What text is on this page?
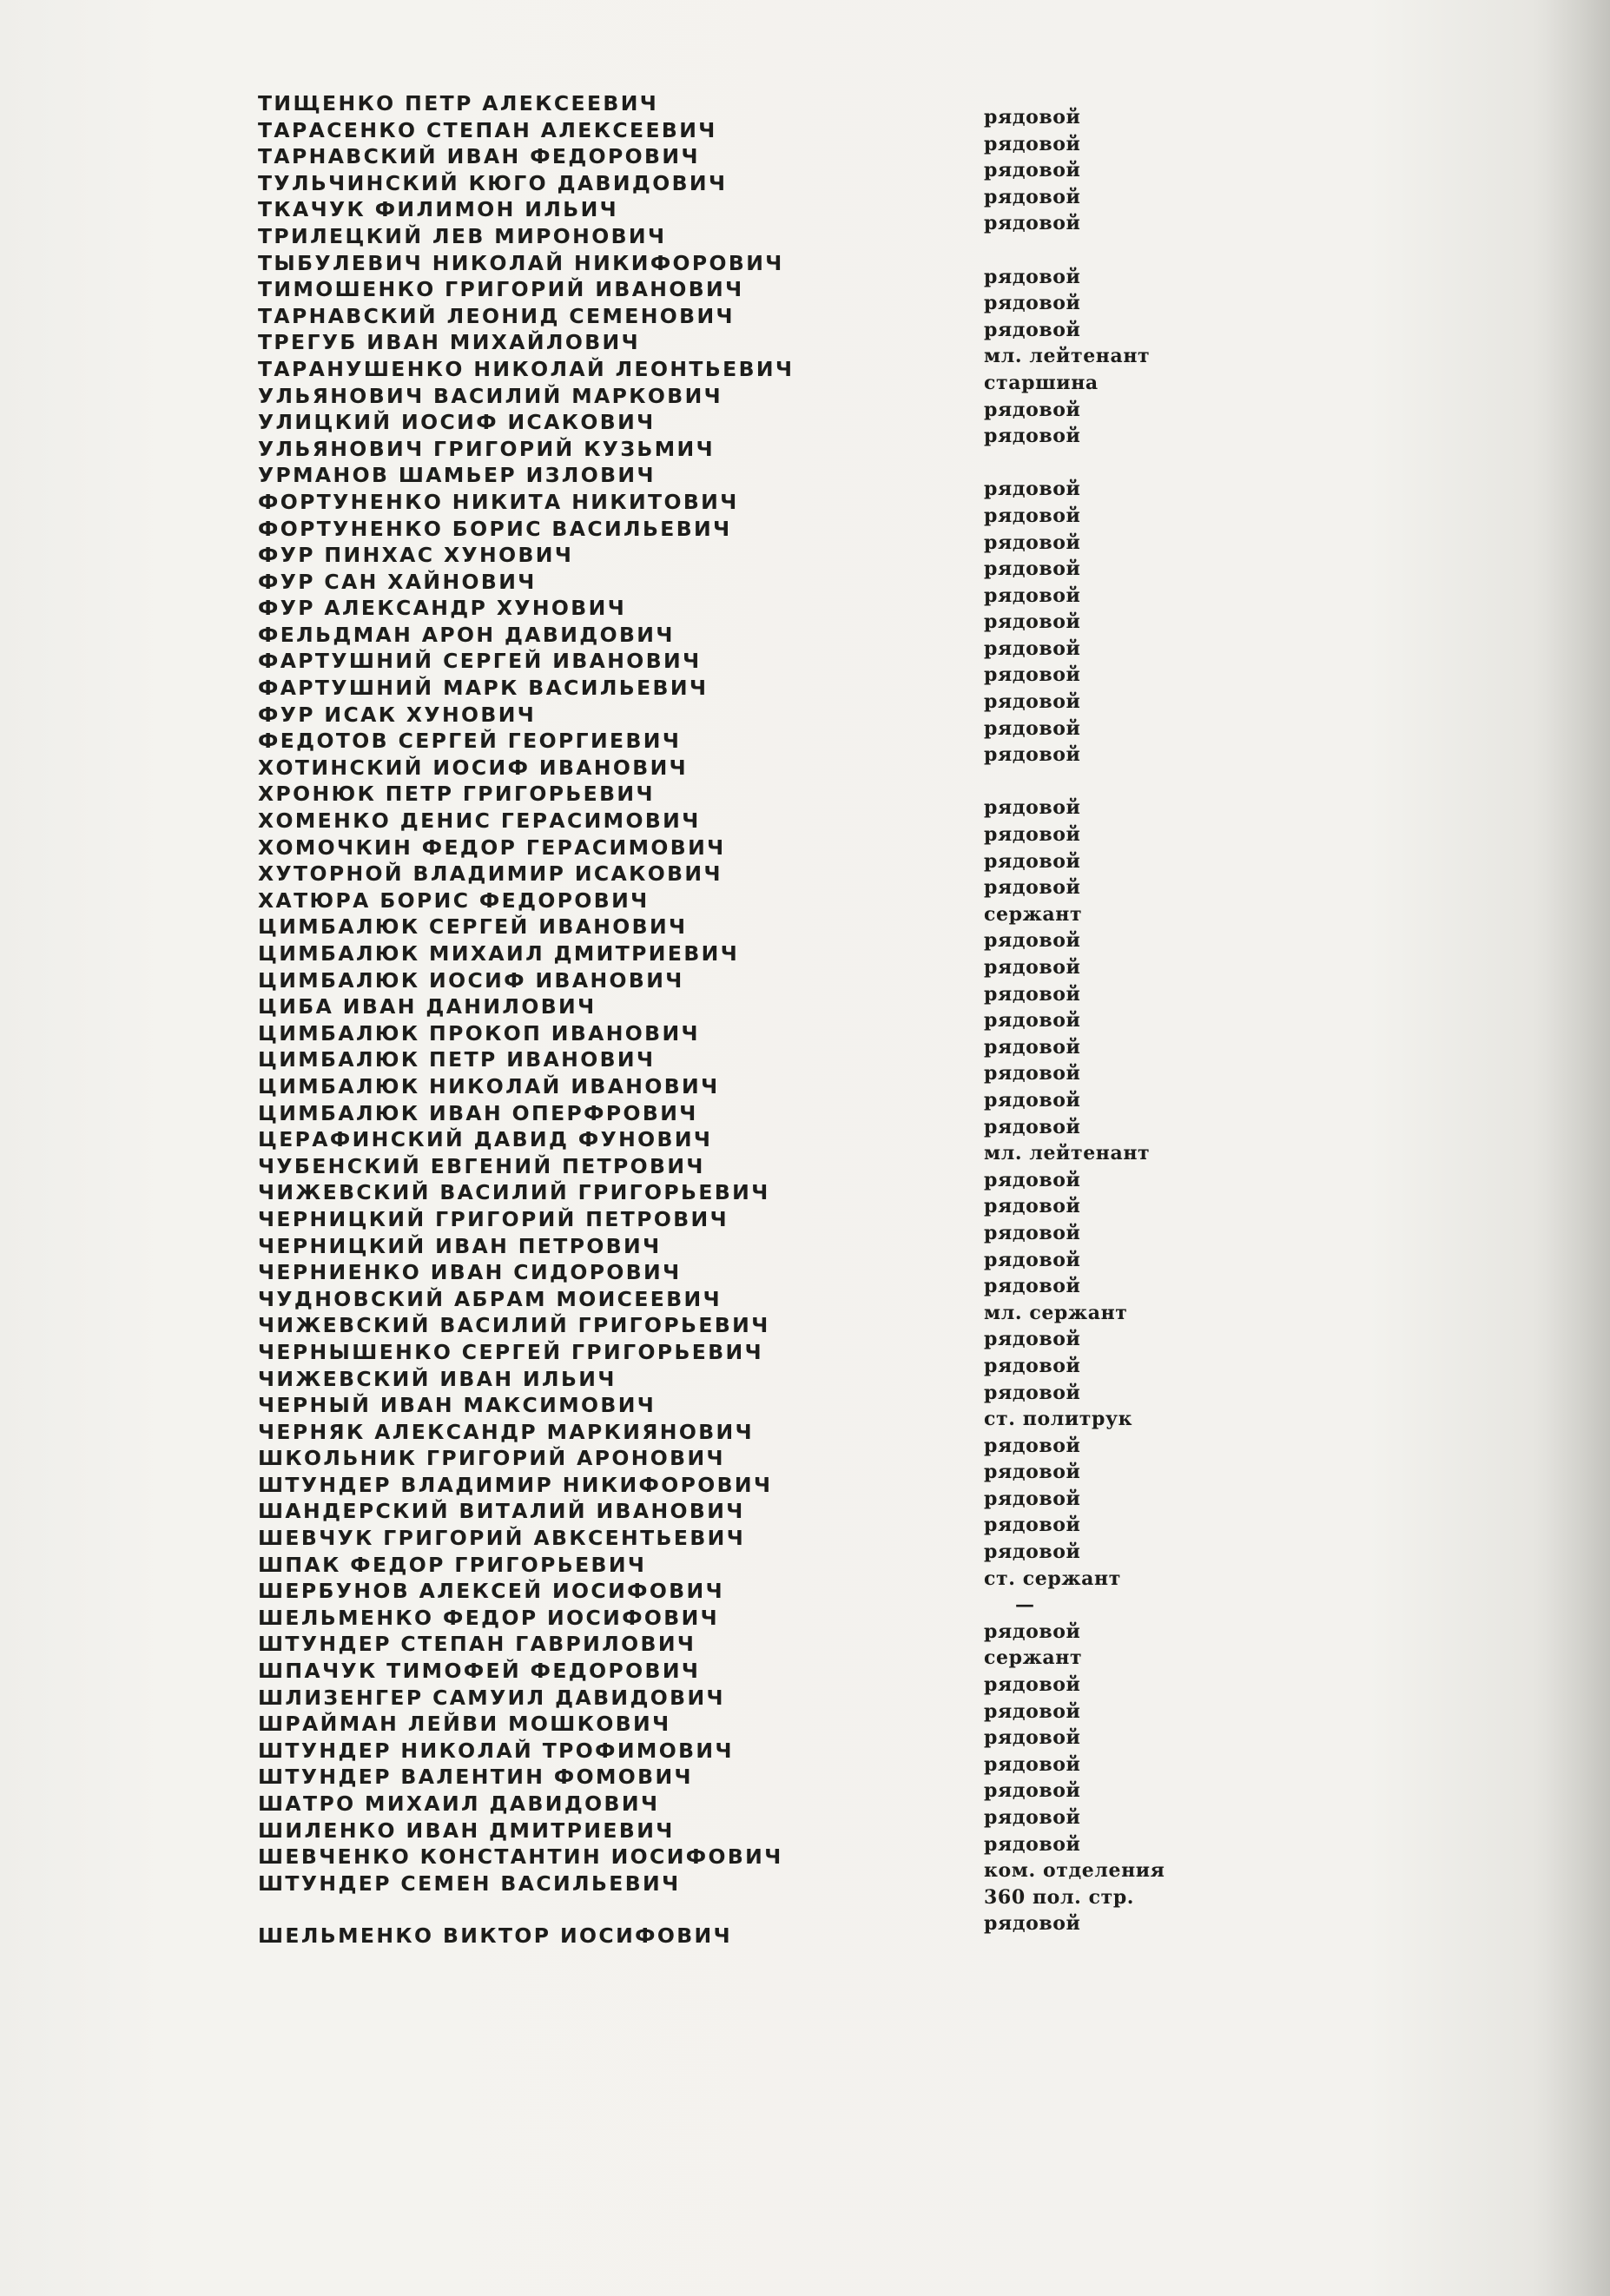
ТИЩЕНКО ПЕТР АЛЕКСЕЕВИЧ
ТАРАСЕНКО СТЕПАН АЛЕКСЕЕВИЧ
ТАРНАВСКИЙ ИВАН ФЕДОРОВИЧ
ТУЛЬЧИНСКИЙ КЮГО ДАВИДОВИЧ
ТКАЧУК ФИЛИМОН ИЛЬИЧ
ТРИЛЕЦКИЙ ЛЕВ МИРОНОВИЧ
ТЫБУЛЕВИЧ НИКОЛАЙ НИКИФОРОВИЧ
ТИМОШЕНКО ГРИГОРИЙ ИВАНОВИЧ
ТАРНАВСКИЙ ЛЕОНИД СЕМЕНОВИЧ
ТРЕГУБ ИВАН МИХАЙЛОВИЧ
ТАРАНУШЕНКО НИКОЛАЙ ЛЕОНТЬЕВИЧ
УЛЬЯНОВИЧ ВАСИЛИЙ МАРКОВИЧ
УЛИЦКИЙ ИОСИФ ИСАКОВИЧ
УЛЬЯНОВИЧ ГРИГОРИЙ КУЗЬМИЧ
УРМАНОВ ШАМЬЕР ИЗЛОВИЧ
ФОРТУНЕНКО НИКИТА НИКИТОВИЧ
ФОРТУНЕНКО БОРИС ВАСИЛЬЕВИЧ
ФУР ПИНХАС ХУНОВИЧ
ФУР САН ХАЙНОВИЧ
ФУР АЛЕКСАНДР ХУНОВИЧ
ФЕЛЬДМАН АРОН ДАВИДОВИЧ
ФАРТУШНИЙ СЕРГЕЙ ИВАНОВИЧ
ФАРТУШНИЙ МАРК ВАСИЛЬЕВИЧ
ФУР ИСАК ХУНОВИЧ
ФЕДОТОВ СЕРГЕЙ ГЕОРГИЕВИЧ
ХОТИНСКИЙ ИОСИФ ИВАНОВИЧ
ХРОНЮК ПЕТР ГРИГОРЬЕВИЧ
ХОМЕНКО ДЕНИС ГЕРАСИМОВИЧ
ХОМОЧКИН ФЕДОР ГЕРАСИМОВИЧ
ХУТОРНОЙ ВЛАДИМИР ИСАКОВИЧ
ХАТЮРА БОРИС ФЕДОРОВИЧ
ЦИМБАЛЮК СЕРГЕЙ ИВАНОВИЧ
ЦИМБАЛЮК МИХАИЛ ДМИТРИЕВИЧ
ЦИМБАЛЮК ИОСИФ ИВАНОВИЧ
ЦИБА ИВАН ДАНИЛОВИЧ
ЦИМБАЛЮК ПРОКОП ИВАНОВИЧ
ЦИМБАЛЮК ПЕТР ИВАНОВИЧ
ЦИМБАЛЮК НИКОЛАЙ ИВАНОВИЧ
ЦИМБАЛЮК ИВАН ОПЕРФРОВИЧ
ЦЕРАФИНСКИЙ ДАВИД ФУНОВИЧ
ЧУБЕНСКИЙ ЕВГЕНИЙ ПЕТРОВИЧ
ЧИЖЕВСКИЙ ВАСИЛИЙ ГРИГОРЬЕВИЧ
ЧЕРНИЦКИЙ ГРИГОРИЙ ПЕТРОВИЧ
ЧЕРНИЦКИЙ ИВАН ПЕТРОВИЧ
ЧЕРНИЕНКО ИВАН СИДОРОВИЧ
ЧУДНОВСКИЙ АБРАМ МОИСЕЕВИЧ
ЧИЖЕВСКИЙ ВАСИЛИЙ ГРИГОРЬЕВИЧ
ЧЕРНЫШЕНКО СЕРГЕЙ ГРИГОРЬЕВИЧ
ЧИЖЕВСКИЙ ИВАН ИЛЬИЧ
ЧЕРНЫЙ ИВАН МАКСИМОВИЧ
ЧЕРНЯК АЛЕКСАНДР МАРКИЯНОВИЧ
ШКОЛЬНИК ГРИГОРИЙ АРОНОВИЧ
ШТУНДЕР ВЛАДИМИР НИКИФОРОВИЧ
ШАНДЕРСКИЙ ВИТАЛИЙ ИВАНОВИЧ
ШЕВЧУК ГРИГОРИЙ АВКСЕНТЬЕВИЧ
ШПАК ФЕДОР ГРИГОРЬЕВИЧ
ШЕРБУНОВ АЛЕКСЕЙ ИОСИФОВИЧ
ШЕЛЬМЕНКО ФЕДОР ИОСИФОВИЧ
ШТУНДЕР СТЕПАН ГАВРИЛОВИЧ
ШПАЧУК ТИМОФЕЙ ФЕДОРОВИЧ
ШЛИЗЕНГЕР САМУИЛ ДАВИДОВИЧ
ШРАЙМАН ЛЕЙВИ МОШКОВИЧ
ШТУНДЕР НИКОЛАЙ ТРОФИМОВИЧ
ШТУНДЕР ВАЛЕНТИН ФОМОВИЧ
ШАТРО МИХАИЛ ДАВИДОВИЧ
ШИЛЕНКО ИВАН ДМИТРИЕВИЧ
ШЕВЧЕНКО КОНСТАНТИН ИОСИФОВИЧ
ШТУНДЕР СЕМЕН ВАСИЛЬЕВИЧ
ШЕЛЬМЕНКО ВИКТОР ИОСИФОВИЧ
рядовой
рядовой
рядовой
рядовой
рядовой
рядовой
рядовой
рядовой
мл. лейтенант
старшина
рядовой
рядовой
рядовой
рядовой
рядовой
рядовой
рядовой
рядовой
рядовой
рядовой
рядовой
рядовой
рядовой
рядовой
рядовой
рядовой
рядовой
сержант
рядовой
рядовой
рядовой
рядовой
рядовой
рядовой
рядовой
рядовой
мл. лейтенант
рядовой
рядовой
рядовой
рядовой
рядовой
мл. сержант
рядовой
рядовой
рядовой
ст. политрук
рядовой
рядовой
рядовой
рядовой
рядовой
ст. сержант
—
рядовой
сержант
рядовой
рядовой
рядовой
рядовой
рядовой
рядовой
рядовой
ком. отделения
360 пол. стр.
рядовой
